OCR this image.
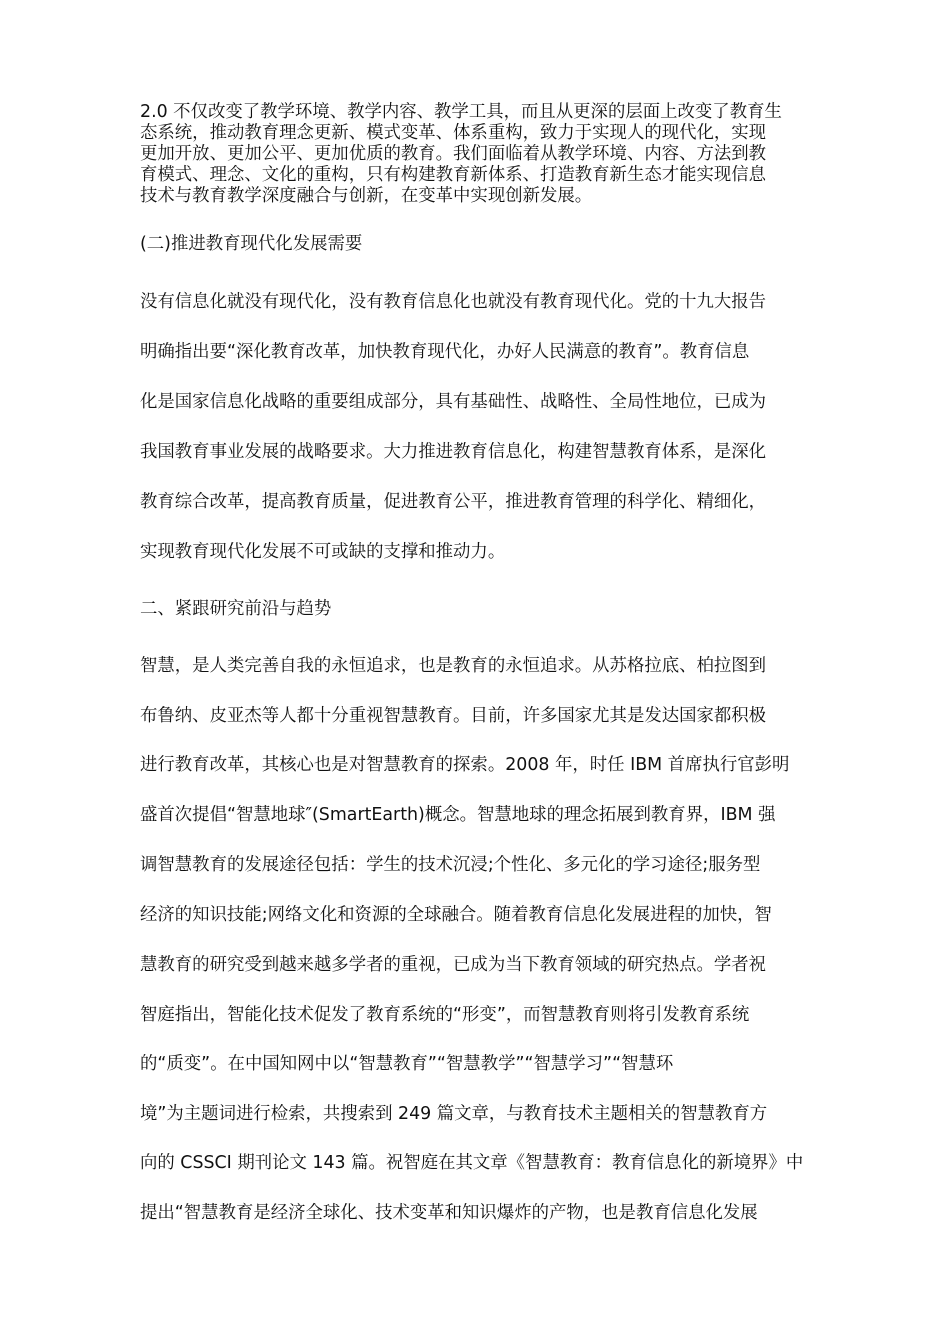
2.0 不仅改变了教学环境、教学内容、教学工具，而且从更深的层面上改变了教育生
态系统，推动教育理念更新、模式变革、体系重构，致力于实现人的现代化，实现
更加开放、更加公平、更加优质的教育。我们面临着从教学环境、内容、方法到教
育模式、理念、文化的重构，只有构建教育新体系、打造教育新生态才能实现信息
技术与教育教学深度融合与创新，在变革中实现创新发展。
(二)推进教育现代化发展需要
没有信息化就没有现代化，没有教育信息化也就没有教育现代化。党的十九大报告
明确指出要“深化教育改革，加快教育现代化，办好人民满意的教育”。教育信息
化是国家信息化战略的重要组成部分，具有基础性、战略性、全局性地位，已成为
我国教育事业发展的战略要求。大力推进教育信息化，构建智慧教育体系，是深化
教育综合改革，提高教育质量，促进教育公平，推进教育管理的科学化、精细化，
实现教育现代化发展不可或缺的支撑和推动力。
二、紧跟研究前沿与趋势
智慧，是人类完善自我的永恒追求，也是教育的永恒追求。从苏格拉底、柏拉图到
布鲁纳、皮亚杰等人都十分重视智慧教育。目前，许多国家尤其是发达国家都积极
进行教育改革，其核心也是对智慧教育的探索。2008 年，时任 IBM 首席执行官彭明
盛首次提倡“智慧地球″(SmartEarth)概念。智慧地球的理念拓展到教育界，IBM 强
调智慧教育的发展途径包括：学生的技术沉浸;个性化、多元化的学习途径;服务型
经济的知识技能;网络文化和资源的全球融合。随着教育信息化发展进程的加快，智
慧教育的研究受到越来越多学者的重视，已成为当下教育领域的研究热点。学者祝
智庭指出，智能化技术促发了教育系统的“形变”，而智慧教育则将引发教育系统
的“质变”。在中国知网中以“智慧教育”“智慧教学”“智慧学习”“智慧环
境”为主题词进行检索，共搜索到 249 篇文章，与教育技术主题相关的智慧教育方
向的 CSSCI 期刊论文 143 篇。祝智庭在其文章《智慧教育：教育信息化的新境界》中
提出“智慧教育是经济全球化、技术变革和知识爆炸的产物，也是教育信息化发展
